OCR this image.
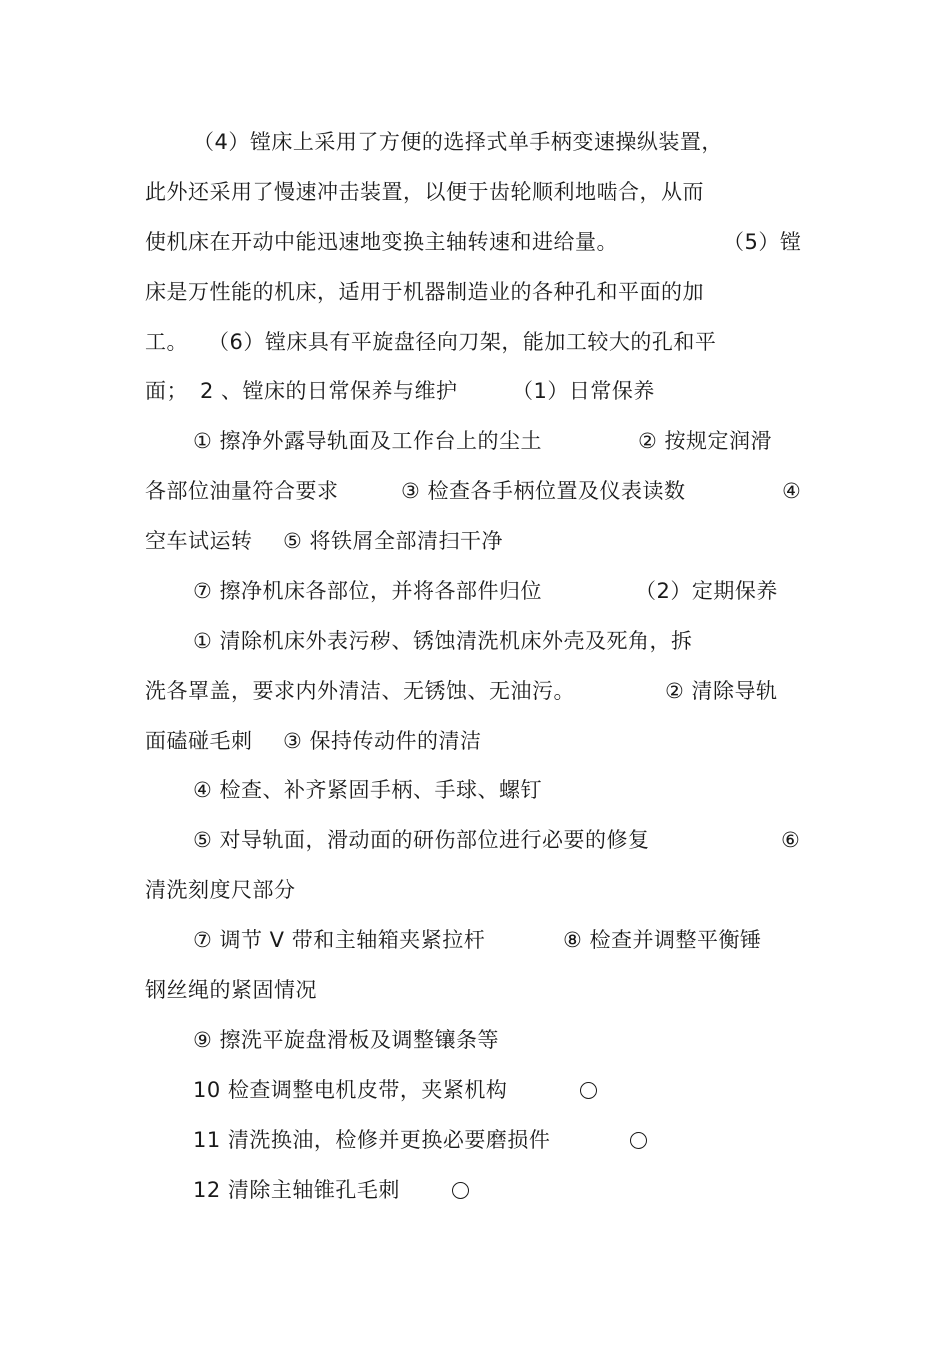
（4）镗床上采用了方便的选择式单手柄变速操纵装置，
此外还采用了慢速冲击装置，以便于齿轮顺利地啮合，从而
使机床在开动中能迅速地变换主轴转速和进给量。	（5）镗
床是万性能的机床，适用于机器制造业的各种孔和平面的加
工。 （6）镗床具有平旋盘径向刀架，能加工较大的孔和平
面； 2 、镗床的日常保养与维护	（1）日常保养
① 擦净外露导轨面及工作台上的尘土	② 按规定润滑
各部位油量符合要求	③ 检查各手柄位置及仪表读数	④
空车试运转 ⑤ 将铁屑全部清扫干净
⑦ 擦净机床各部位，并将各部件归位	（2）定期保养
① 清除机床外表污秽、锈蚀清洗机床外壳及死角，拆
洗各罩盖，要求内外清洁、无锈蚀、无油污。	② 清除导轨
面磕碰毛刺 ③ 保持传动件的清洁
④ 检查、补齐紧固手柄、手球、螺钉
⑤ 对导轨面，滑动面的研伤部位进行必要的修复	⑥
清洗刻度尺部分
⑦ 调节 V 带和主轴箱夹紧拉杆	⑧ 检查并调整平衡锤
钢丝绳的紧固情况
⑨ 擦洗平旋盘滑板及调整镶条等
10 检查调整电机皮带，夹紧机构
11 清洗换油，检修并更换必要磨损件
12 清除主轴锥孔毛刺
